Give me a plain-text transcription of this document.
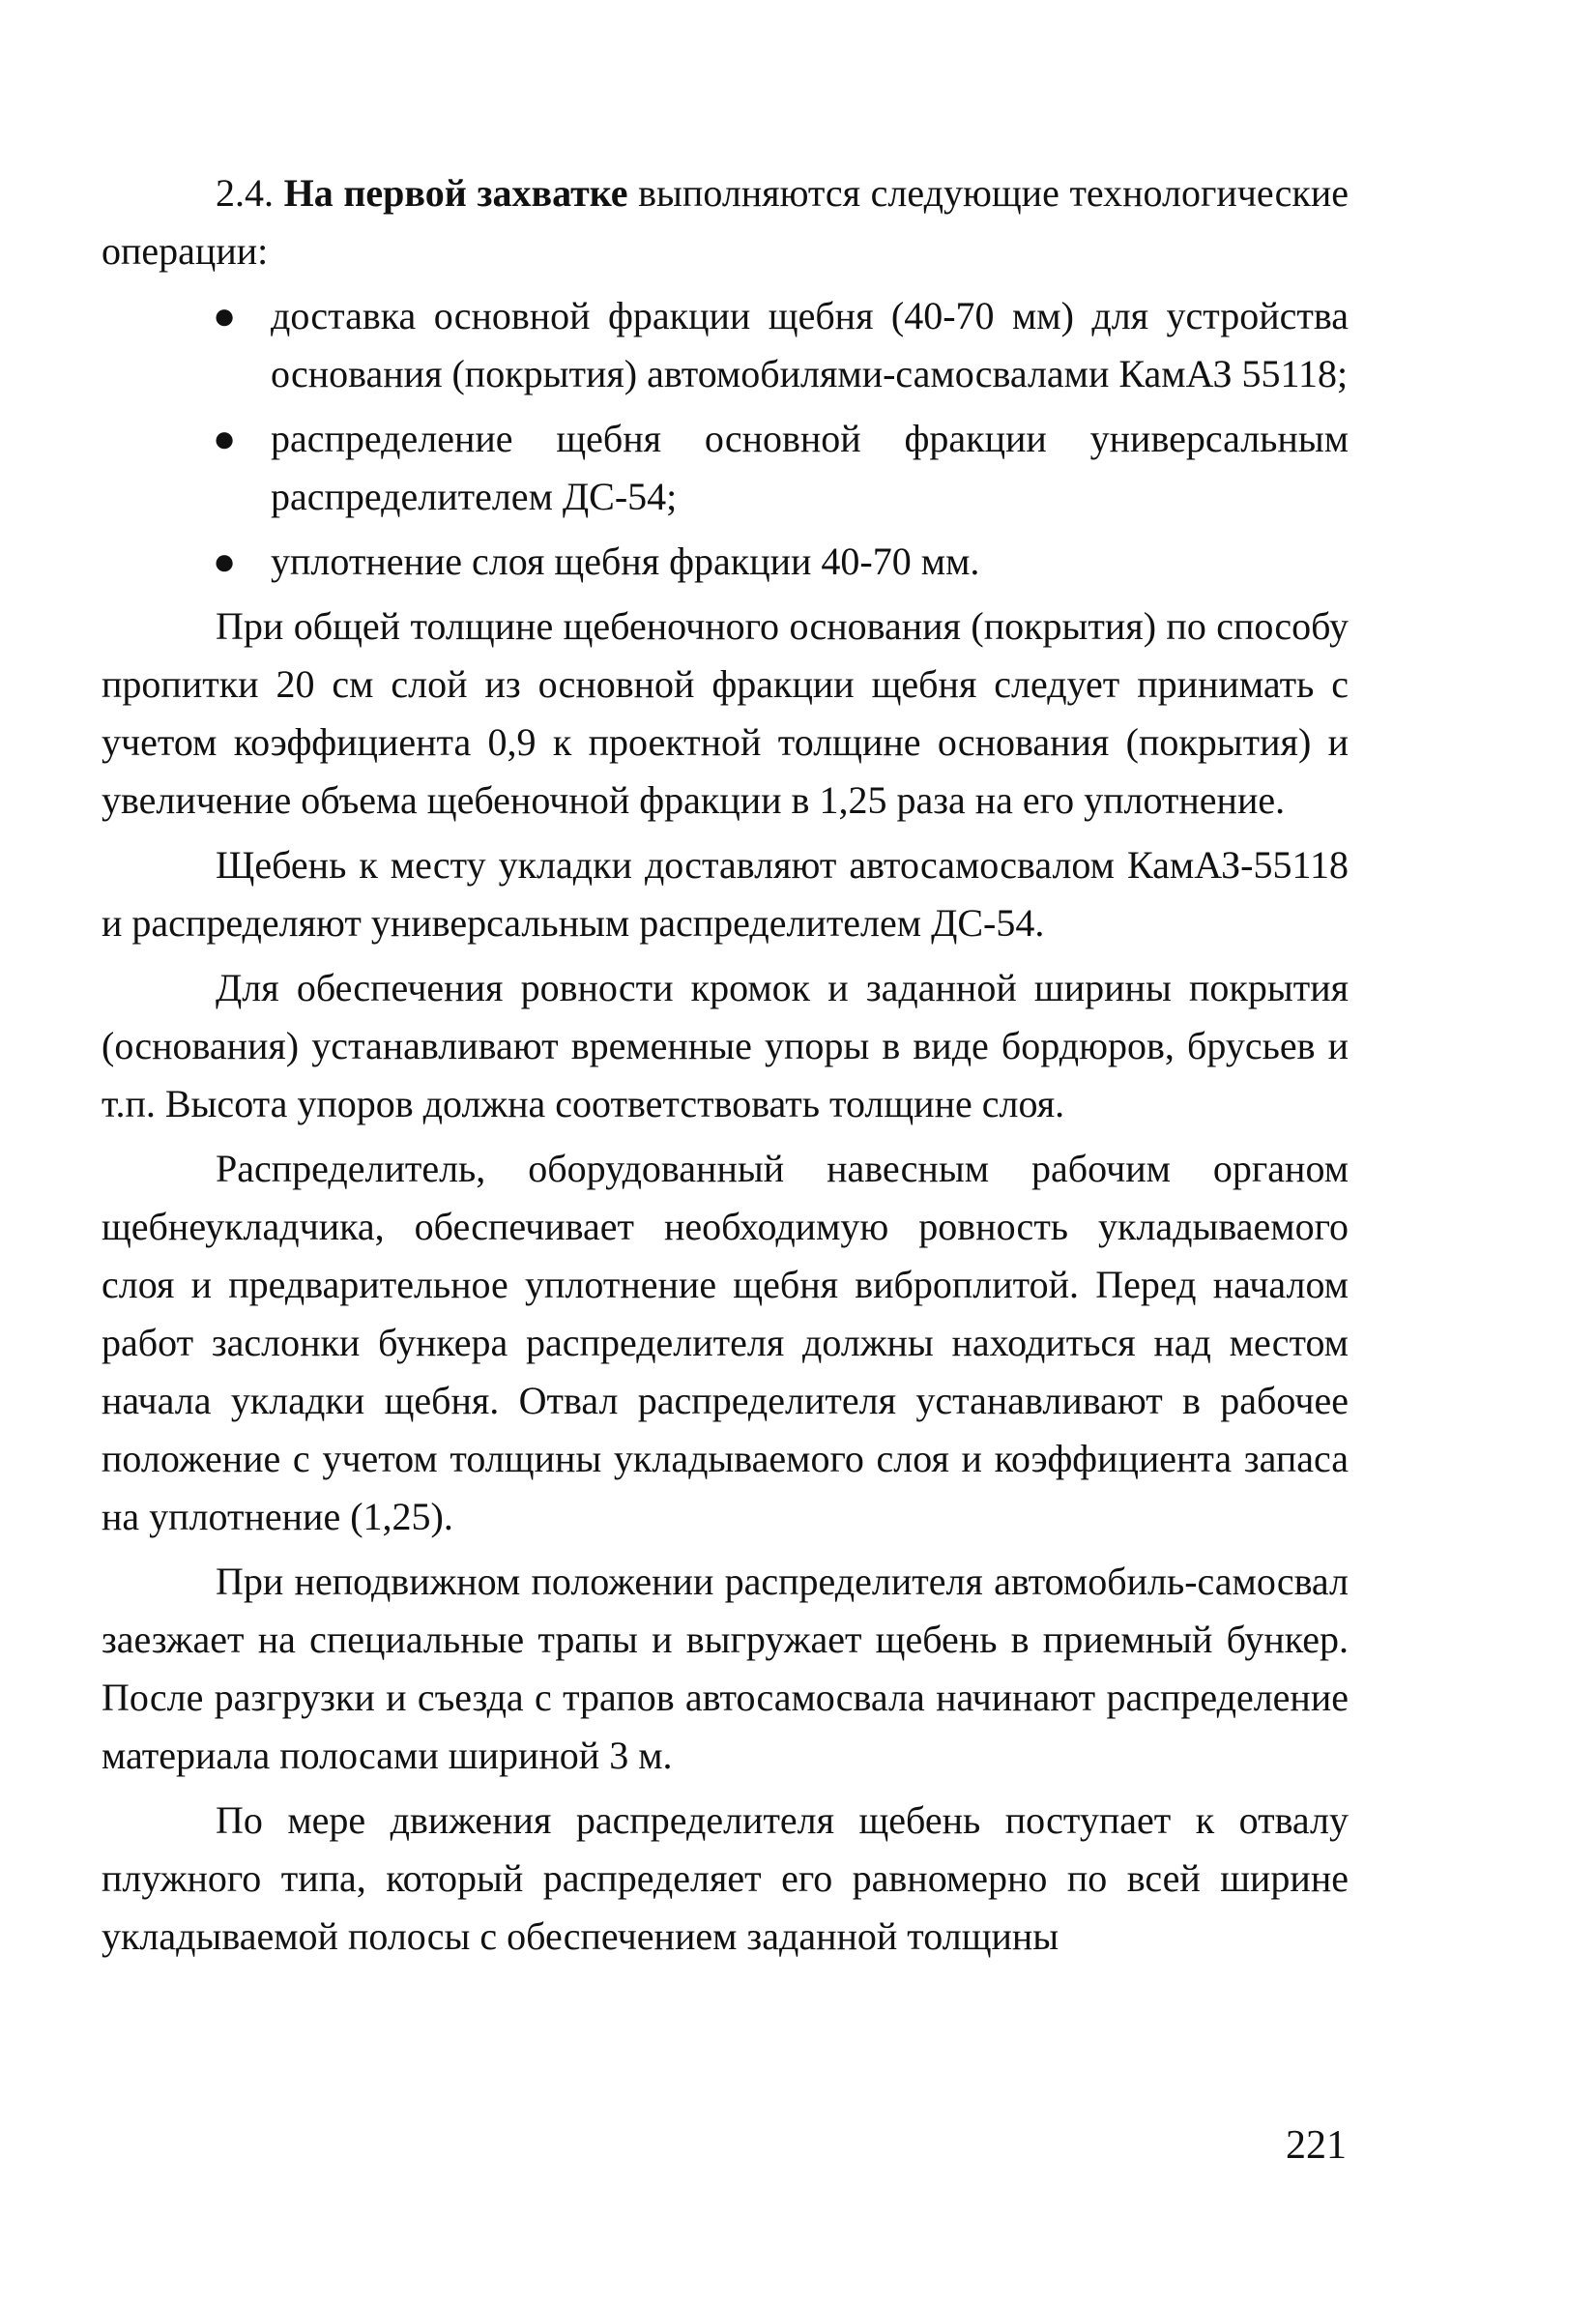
2.4. На первой захватке выполняются следующие технологические операции:

● доставка основной фракции щебня (40-70 мм) для устройства основания (покрытия) автомобилями-самосвалами КамАЗ 55118;

● распределение щебня основной фракции универсальным распределителем ДС-54;

● уплотнение слоя щебня фракции 40-70 мм.

При общей толщине щебеночного основания (покрытия) по способу пропитки 20 см слой из основной фракции щебня следует принимать с учетом коэффициента 0,9 к проектной толщине основания (покрытия) и увеличение объема щебеночной фракции в 1,25 раза на его уплотнение.

Щебень к месту укладки доставляют автосамосвалом КамАЗ-55118 и распределяют универсальным распределителем ДС-54.

Для обеспечения ровности кромок и заданной ширины покрытия (основания) устанавливают временные упоры в виде бордюров, брусьев и т.п. Высота упоров должна соответствовать толщине слоя.

Распределитель, оборудованный навесным рабочим органом щебнеукладчика, обеспечивает необходимую ровность укладываемого слоя и предварительное уплотнение щебня виброплитой. Перед началом работ заслонки бункера распределителя должны находиться над местом начала укладки щебня. Отвал распределителя устанавливают в рабочее положение с учетом толщины укладываемого слоя и коэффициента запаса на уплотнение (1,25).

При неподвижном положении распределителя автомобиль-самосвал заезжает на специальные трапы и выгружает щебень в приемный бункер. После разгрузки и съезда с трапов автосамосвала начинают распределение материала полосами шириной 3 м.

По мере движения распределителя щебень поступает к отвалу плужного типа, который распределяет его равномерно по всей ширине укладываемой полосы с обеспечением заданной толщины

221
